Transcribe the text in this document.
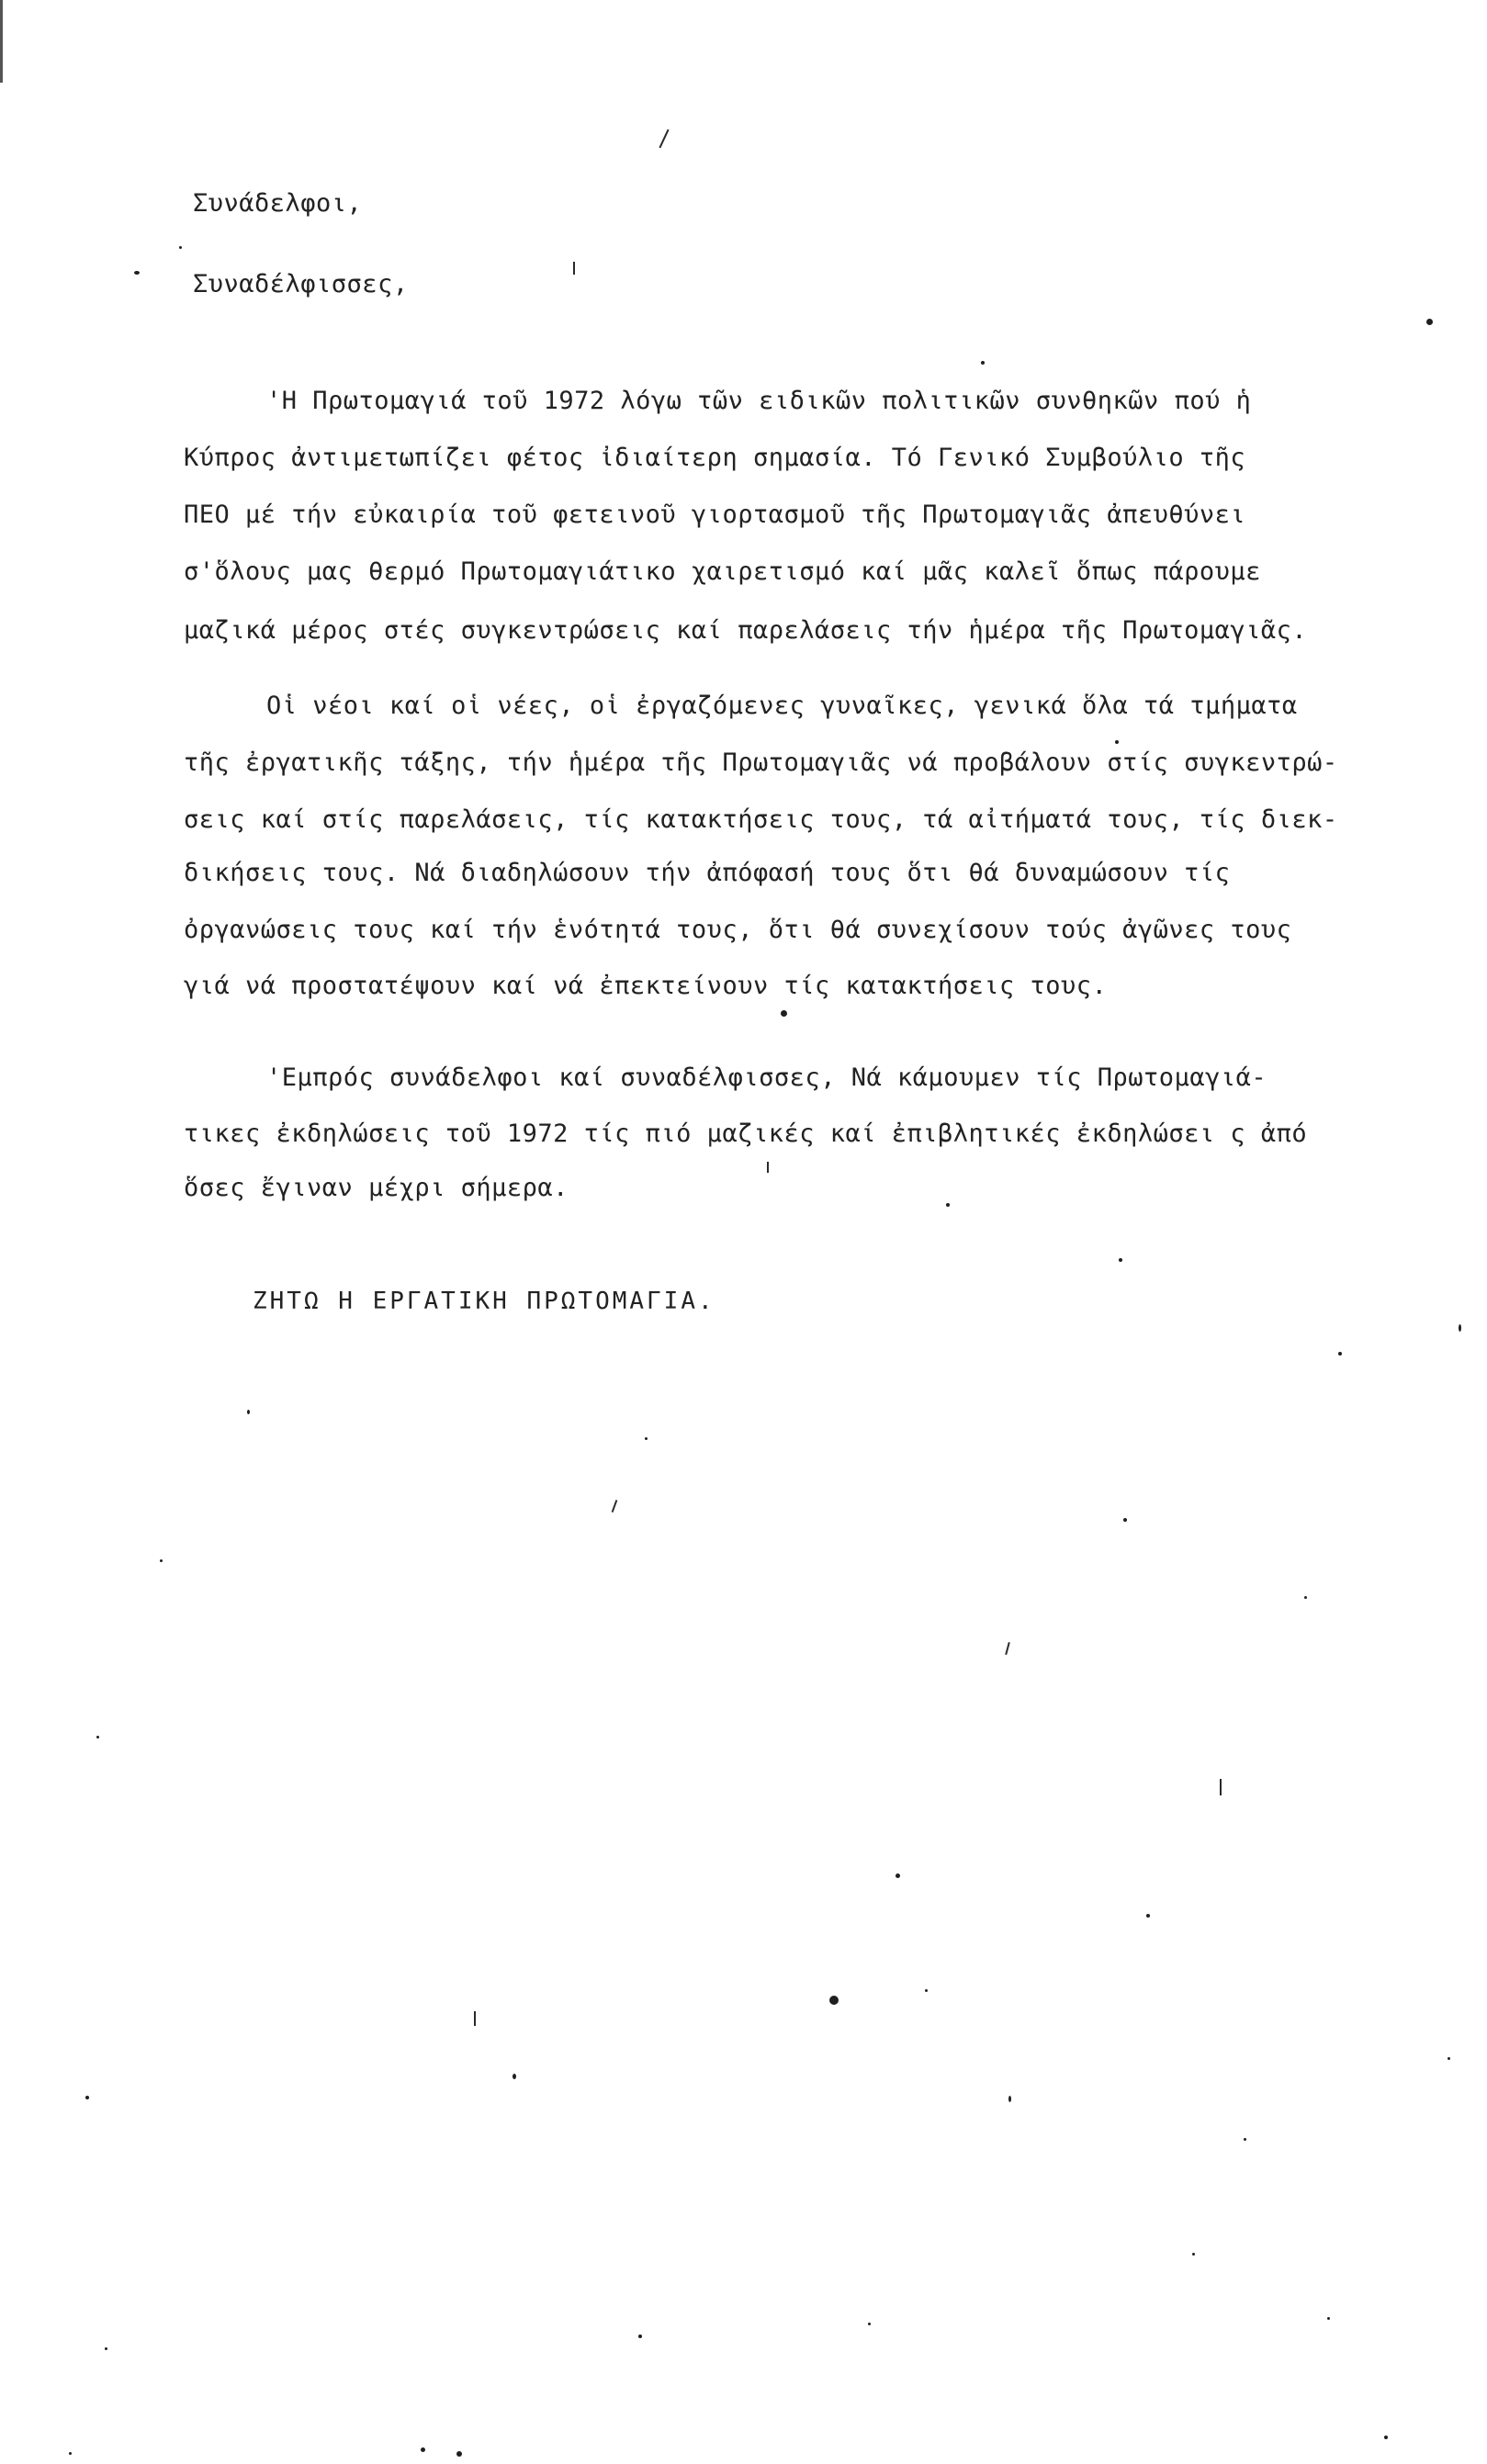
Συνάδελφοι,
Συναδέλφισσες,
'Η Πρωτομαγιά τοῦ 1972 λόγω τῶν ειδικῶν πολιτικῶν συνθηκῶν πού ἡ
Κύπρος ἀντιμετωπίζει φέτος ἰδιαίτερη σημασία. Τό Γενικό Συμβούλιο τῆς
ΠΕΟ μέ τήν εὐκαιρία τοῦ φετεινοῦ γιορτασμοῦ τῆς Πρωτομαγιᾶς ἀπευθύνει
σ'ὅλους μας θερμό Πρωτομαγιάτικο χαιρετισμό καί μᾶς καλεῖ ὅπως πάρουμε
μαζικά μέρος στές συγκεντρώσεις καί παρελάσεις τήν ἡμέρα τῆς Πρωτομαγιᾶς.
Οἱ νέοι καί οἱ νέες, οἱ ἐργαζόμενες γυναῖκες, γενικά ὅλα τά τμήματα
τῆς ἐργατικῆς τάξης, τήν ἡμέρα τῆς Πρωτομαγιᾶς νά προβάλουν στίς συγκεντρώ-
σεις καί στίς παρελάσεις, τίς κατακτήσεις τους, τά αἰτήματά τους, τίς διεκ-
δικήσεις τους. Νά διαδηλώσουν τήν ἀπόφασή τους ὅτι θά δυναμώσουν τίς
ὀργανώσεις τους καί τήν ἑνότητά τους, ὅτι θά συνεχίσουν τούς ἀγῶνες τους
γιά νά προστατέψουν καί νά ἐπεκτείνουν τίς κατακτήσεις τους.
'Εμπρός συνάδελφοι καί συναδέλφισσες, Νά κάμουμεν τίς Πρωτομαγιά-
τικες ἐκδηλώσεις τοῦ 1972 τίς πιό μαζικές καί ἐπιβλητικές ἐκδηλώσει ς ἀπό
ὅσες ἔγιναν μέχρι σήμερα.
ΖΗΤΩ Η ΕΡΓΑΤΙΚΗ ΠΡΩΤΟΜΑΓΙΑ.
